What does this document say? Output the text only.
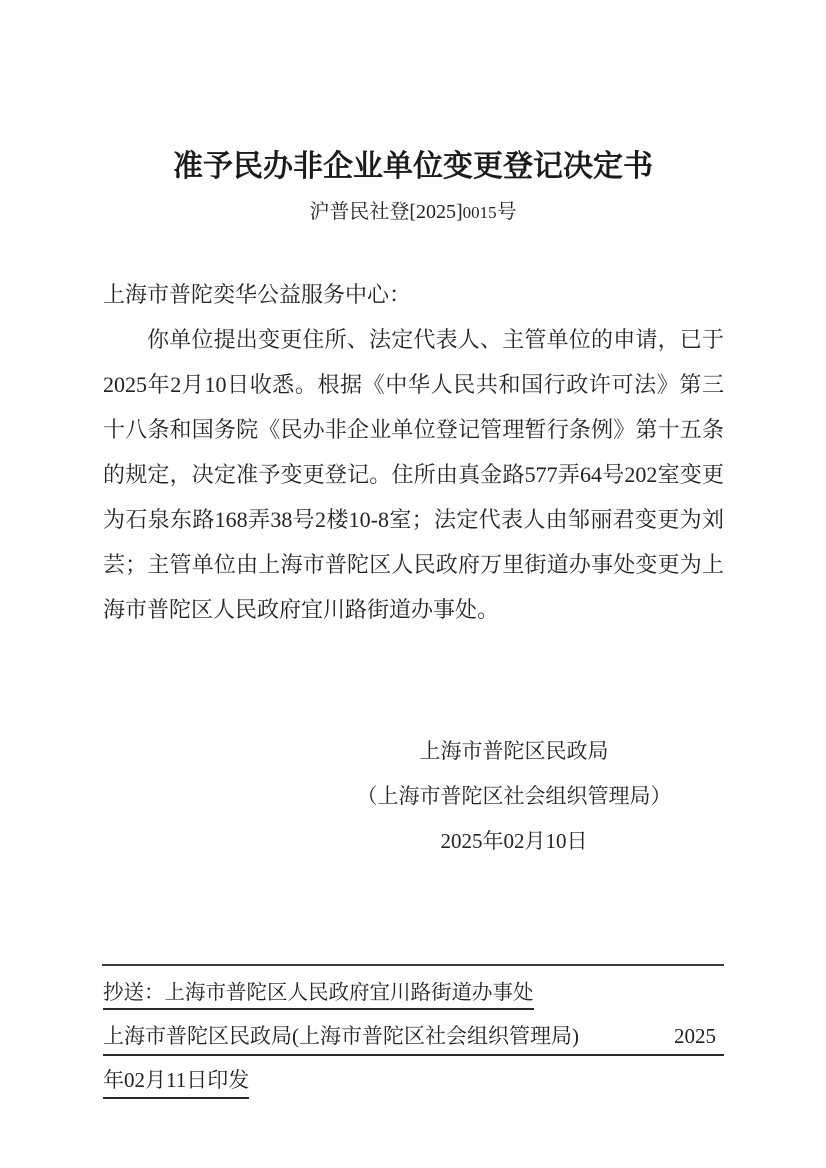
准予民办非企业单位变更登记决定书
沪普民社登[2025]0015号
上海市普陀奕华公益服务中心：
你单位提出变更住所、法定代表人、主管单位的申请，已于
2025年2月10日收悉。根据《中华人民共和国行政许可法》第三
十八条和国务院《民办非企业单位登记管理暂行条例》第十五条
的规定，决定准予变更登记。住所由真金路577弄64号202室变更
为石泉东路168弄38号2楼10-8室；法定代表人由邹丽君变更为刘
芸；主管单位由上海市普陀区人民政府万里街道办事处变更为上
海市普陀区人民政府宜川路街道办事处。
上海市普陀区民政局
（上海市普陀区社会组织管理局）
2025年02月10日
抄送：上海市普陀区人民政府宜川路街道办事处
上海市普陀区民政局(上海市普陀区社会组织管理局)	2025
年02月11日印发
